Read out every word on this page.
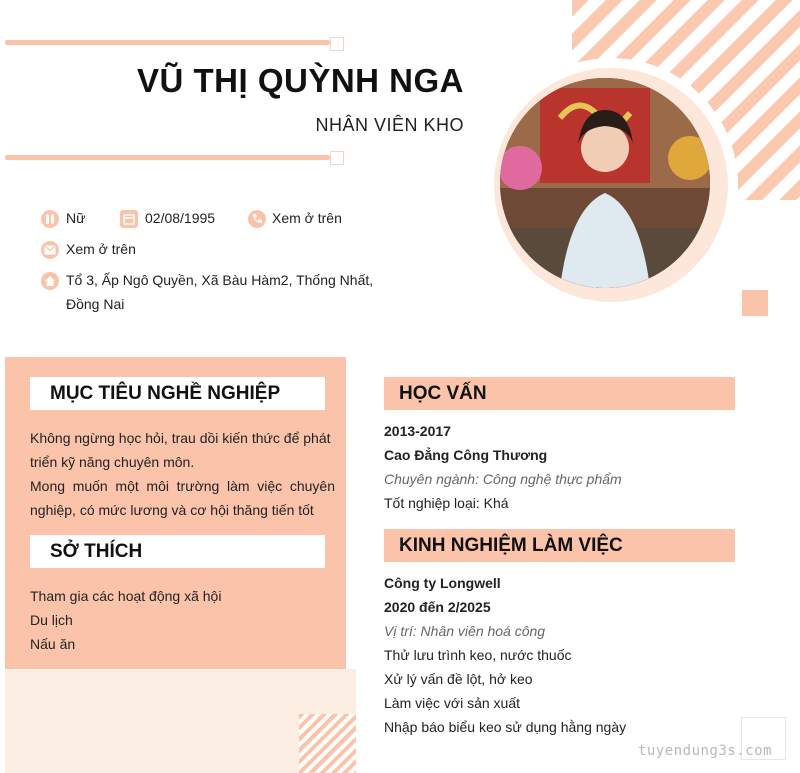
VŨ THỊ QUỲNH NGA
NHÂN VIÊN KHO
Nữ	02/08/1995	Xem ở trên
Xem ở trên
Tổ 3, Ấp Ngô Quyền, Xã Bàu Hàm2, Thống Nhất,
Đồng Nai
MỤC TIÊU NGHỀ NGHIỆP
Không ngừng học hỏi, trau dồi kiến thức để phát
triển kỹ năng chuyên môn.
Mong muốn một môi trường làm việc chuyên
nghiệp, có mức lương và cơ hội thăng tiến tốt
SỞ THÍCH
Tham gia các hoạt động xã hội
Du lịch
Nấu ăn
HỌC VẤN
2013-2017
Cao Đẳng Công Thương
Chuyên ngành: Công nghệ thực phẩm
Tốt nghiệp loại: Khá
KINH NGHIỆM LÀM VIỆC
Công ty Longwell
2020 đến 2/2025
Vị trí: Nhân viên hoá công
Thử lưu trình keo, nước thuốc
Xử lý vấn đề lột, hở keo
Làm việc với sản xuất
Nhập báo biểu keo sử dụng hằng ngày
tuyendung3s.com
